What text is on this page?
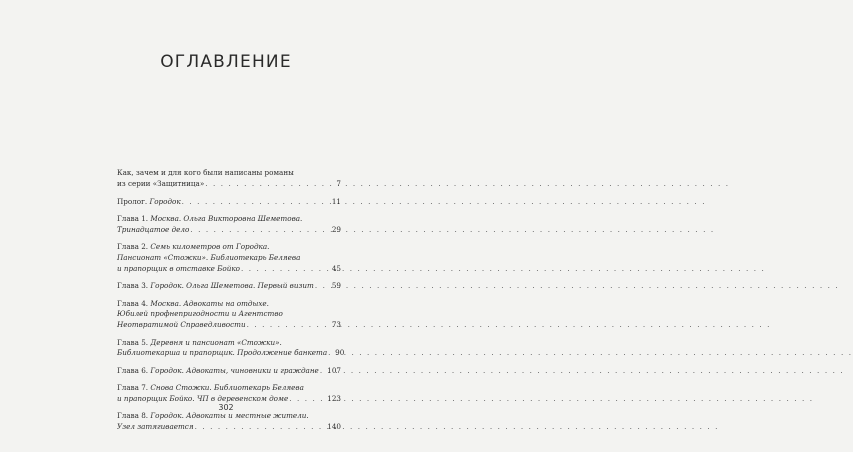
ОГЛАВЛЕНИЕ
Как, зачем и для кого были написаны романы
из серии «Защитница» . . .	7
Пролог. Городок . . .	11
Глава 1. Москва. Ольга Викторовна Шеметова.
Тринадцатое дело . . .	29
Глава 2. Семь километров от Городка.
Пансионат «Стожки». Библиотекарь Беляева
и прапорщик в отставке Бойко . . .	45
Глава 3. Городок. Ольга Шеметова. Первый визит . . .	59
Глава 4. Москва. Адвокаты на отдыхе.
Юбилей профнепригодности и Агентство
Неотвратимой Справедливости . . .	73
Глава 5. Деревня и пансионат «Стожки».
Библиотекарша и прапорщик. Продолжение банкета . . . 90
Глава 6. Городок. Адвокаты, чиновники и граждане . . . 107
Глава 7. Снова Стожки. Библиотекарь Беляева
и прапорщик Бойко. ЧП в деревенском доме . . .	123
Глава 8. Городок. Адвокаты и местные жители.
Узел затягивается . . .	140
302
